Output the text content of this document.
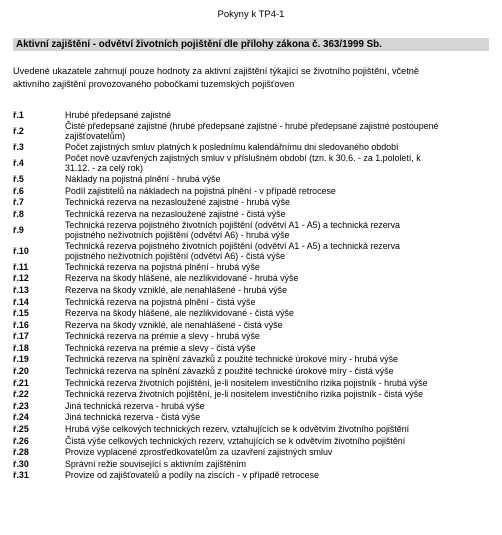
Pokyny k TP4-1
Aktivní zajištění - odvětví životních pojištění dle přílohy zákona č. 363/1999 Sb.
Uvedené ukazatele zahrnují pouze hodnoty za aktivní zajištění týkající se životního pojištění, včetně
aktivního zajištění provozovaného pobočkami tuzemských pojišťoven
ř.1	Hrubé předepsané zajistné
ř.2	Čisté předepsané zajistné (hrubé předepsané zajistné - hrubé předepsané zajistné postoupené
zajišťovatelům)
ř.3	Počet zajistných smluv platných k poslednímu kalendářnímu dni sledovaného období
ř.4	Počet nově uzavřených zajistných smluv v příslušném období (tzn. k 30.6. - za 1.pololetí, k
31.12. - za celý rok)
ř.5	Náklady na pojistná plnění - hrubá výše
ř.6	Podíl zajistitelů na nákladech na pojistná plnění - v případě retrocese
ř.7	Technická rezerva na nezasloužené zajistné - hrubá výše
ř.8	Technická rezerva na nezasloužené zajistné - čistá výše
ř.9	Technická rezerva pojistného životních pojištění (odvětví A1 - A5) a technická rezerva
pojistného neživotních pojištění (odvětví A6) - hrubá výše
ř.10	Technická rezerva pojistného životních pojištění (odvětví A1 - A5) a technická rezerva
pojistného neživotních pojištění (odvětví A6) - čistá výše
ř.11	Technická rezerva na pojistná plnění - hrubá výše
ř.12	Rezerva na škody hlášené, ale nezlikvidované - hrubá výše
ř.13	Rezerva na škody vzniklé, ale nenahlášené - hrubá výše
ř.14	Technická rezerva na pojistná plnění - čistá výše
ř.15	Rezerva na škody hlášené, ale nezlikvidované - čistá výše
ř.16	Rezerva na škody vzniklé, ale nenahlášené - čistá výše
ř.17	Technická rezerva na prémie a slevy - hrubá výše
ř.18	Technická rezerva na prémie a slevy - čistá výše
ř.19	Technická rezerva na splnění závazků z použité technické úrokové míry - hrubá výše
ř.20	Technická rezerva na splnění závazků z použité technické úrokové míry - čistá výše
ř.21	Technická rezerva životních pojištění, je-li nositelem investičního rizika pojistník - hrubá výše
ř.22	Technická rezerva životních pojištění, je-li nositelem investičního rizika pojistník - čistá výše
ř.23	Jiná technická rezerva - hrubá výše
ř.24	Jiná technická rezerva - čistá výše
ř.25	Hrubá výše celkových technických rezerv, vztahujících se k odvětvím životního pojištění
ř.26	Čistá výše celkových technických rezerv, vztahujících se k odvětvím životního pojištění
ř.28	Provize vyplacené zprostředkovatelům za uzavření zajistných smluv
ř.30	Správní režie související s aktivním zajištěním
ř.31	Provize od zajišťovatelů a podíly na ziscích - v případě retrocese
